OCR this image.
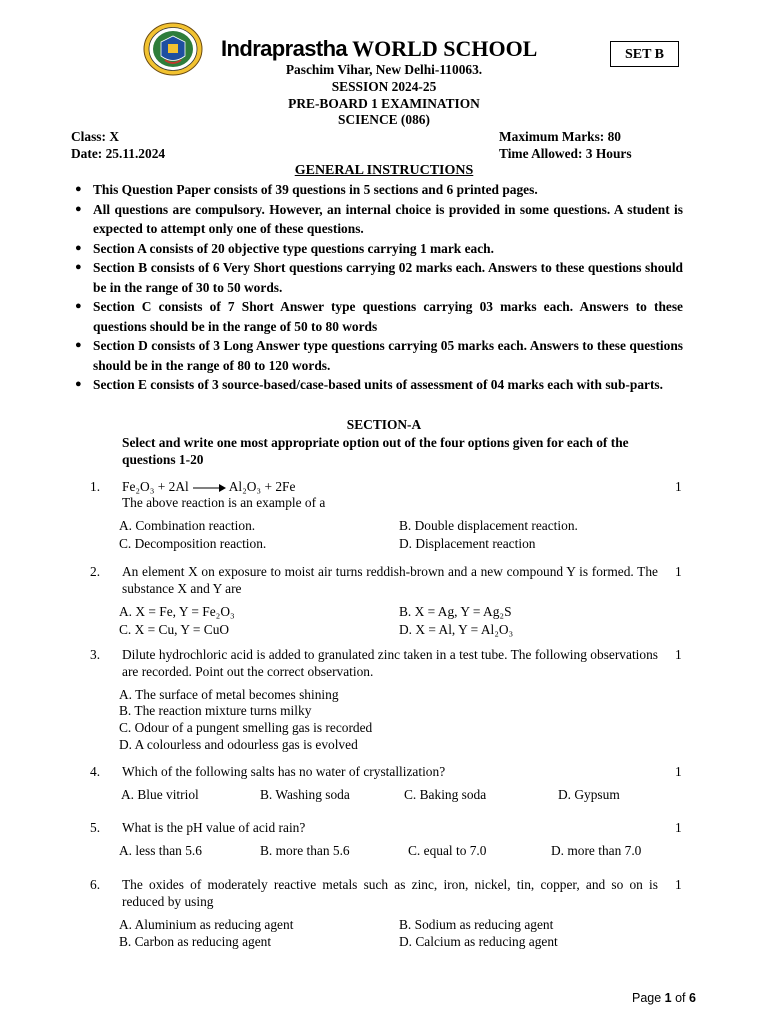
Indraprastha WORLD SCHOOL	SET B
Paschim Vihar, New Delhi-110063.
SESSION 2024-25
PRE-BOARD 1 EXAMINATION
SCIENCE (086)
Class: X
Date: 25.11.2024
Maximum Marks: 80
Time Allowed: 3 Hours
GENERAL INSTRUCTIONS
● This Question Paper consists of 39 questions in 5 sections and 6 printed pages.
● All questions are compulsory. However, an internal choice is provided in some questions. A student is expected to attempt only one of these questions.
● Section A consists of 20 objective type questions carrying 1 mark each.
● Section B consists of 6 Very Short questions carrying 02 marks each. Answers to these questions should be in the range of 30 to 50 words.
● Section C consists of 7 Short Answer type questions carrying 03 marks each. Answers to these questions should be in the range of 50 to 80 words
● Section D consists of 3 Long Answer type questions carrying 05 marks each. Answers to these questions should be in the range of 80 to 120 words.
● Section E consists of 3 source-based/case-based units of assessment of 04 marks each with sub-parts.
SECTION-A
Select and write one most appropriate option out of the four options given for each of the questions 1-20
1. Fe₂O₃ + 2Al → Al₂O₃ + 2Fe
The above reaction is an example of a
1
A. Combination reaction.	B. Double displacement reaction.
C. Decomposition reaction.	D. Displacement reaction
2. An element X on exposure to moist air turns reddish-brown and a new compound Y is formed. The substance X and Y are
1
A. X = Fe, Y = Fe₂O₃	B. X = Ag, Y = Ag₂S
C. X = Cu, Y = CuO	D. X = Al, Y = Al₂O₃
3. Dilute hydrochloric acid is added to granulated zinc taken in a test tube. The following observations are recorded. Point out the correct observation.
1
A. The surface of metal becomes shining
B. The reaction mixture turns milky
C. Odour of a pungent smelling gas is recorded
D. A colourless and odourless gas is evolved
4. Which of the following salts has no water of crystallization?	1
A. Blue vitriol	B. Washing soda	C. Baking soda	D. Gypsum
5. What is the pH value of acid rain?	1
A. less than 5.6	B. more than 5.6	C. equal to 7.0	D. more than 7.0
6. The oxides of moderately reactive metals such as zinc, iron, nickel, tin, copper, and so on is reduced by using
1
A. Aluminium as reducing agent	B. Sodium as reducing agent
B. Carbon as reducing agent	D. Calcium as reducing agent
Page 1 of 6
